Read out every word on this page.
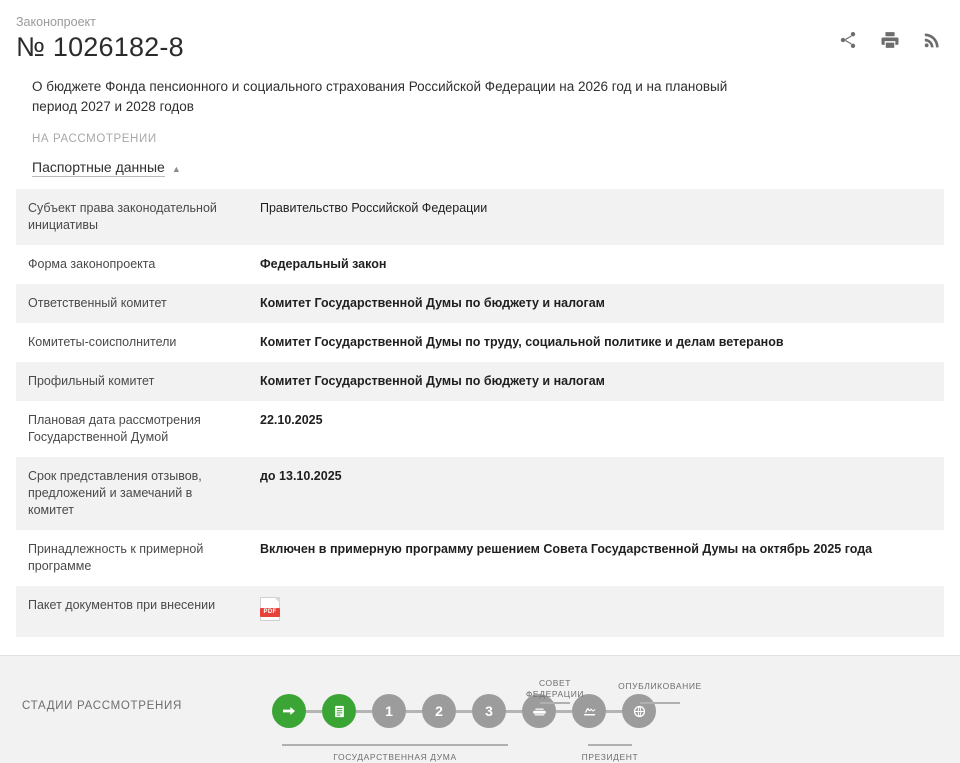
Законопроект
№ 1026182-8
О бюджете Фонда пенсионного и социального страхования Российской Федерации на 2026 год и на плановый период 2027 и 2028 годов
НА РАССМОТРЕНИИ
Паспортные данные ▲
Субъект права законодательной инициативы	Правительство Российской Федерации
Форма законопроекта	Федеральный закон
Ответственный комитет	Комитет Государственной Думы по бюджету и налогам
Комитеты-соисполнители	Комитет Государственной Думы по труду, социальной политике и делам ветеранов
Профильный комитет	Комитет Государственной Думы по бюджету и налогам
Плановая дата рассмотрения Государственной Думой	22.10.2025
Срок представления отзывов, предложений и замечаний в комитет	до 13.10.2025
Принадлежность к примерной программе	Включен в примерную программу решением Совета Государственной Думы на октябрь 2025 года
Пакет документов при внесении	PDF
СТАДИИ РАССМОТРЕНИЯ	1	2	3
ГОСУДАРСТВЕННАЯ ДУМА
СОВЕТ ФЕДЕРАЦИИ
ПРЕЗИДЕНТ
ОПУБЛИКОВАНИЕ
